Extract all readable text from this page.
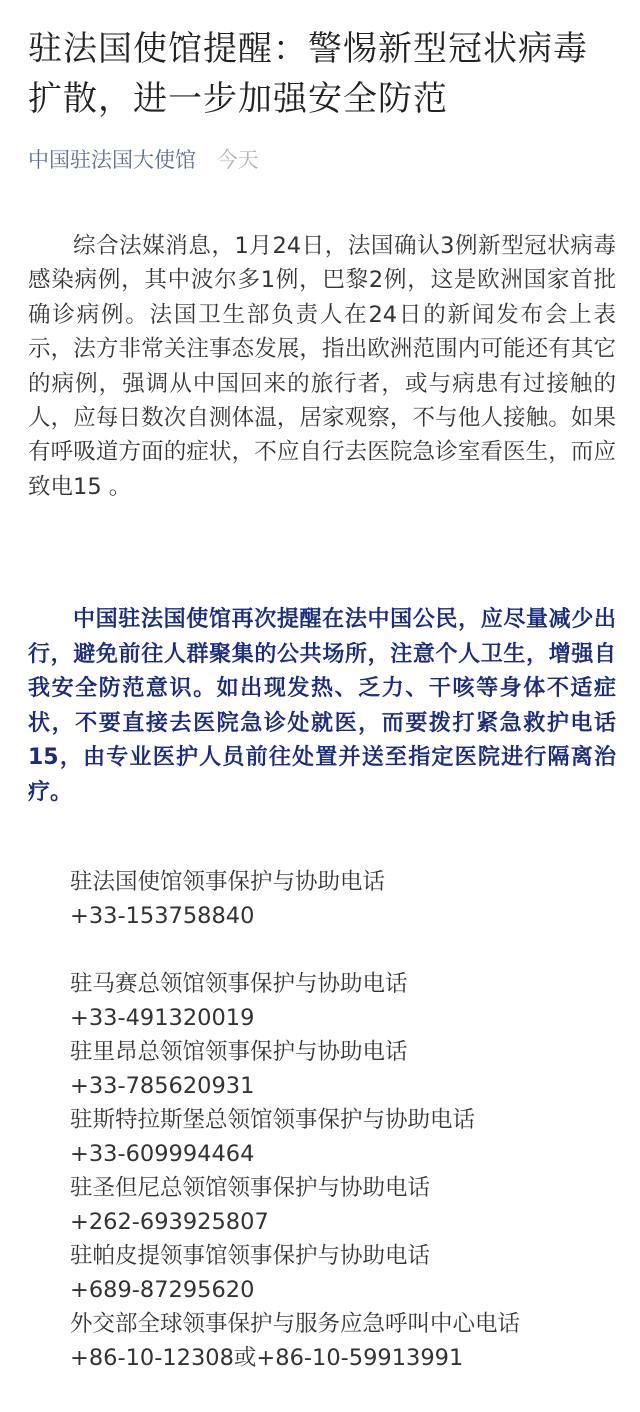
驻法国使馆提醒：警惕新型冠状病毒扩散，进一步加强安全防范
中国驻法国大使馆 今天

综合法媒消息，1月24日，法国确认3例新型冠状病毒感染病例，其中波尔多1例，巴黎2例，这是欧洲国家首批确诊病例。法国卫生部负责人在24日的新闻发布会上表示，法方非常关注事态发展，指出欧洲范围内可能还有其它的病例，强调从中国回来的旅行者，或与病患有过接触的人，应每日数次自测体温，居家观察，不与他人接触。如果有呼吸道方面的症状，不应自行去医院急诊室看医生，而应致电15 。

中国驻法国使馆再次提醒在法中国公民，应尽量减少出行，避免前往人群聚集的公共场所，注意个人卫生，增强自我安全防范意识。如出现发热、乏力、干咳等身体不适症状，不要直接去医院急诊处就医，而要拨打紧急救护电话15，由专业医护人员前往处置并送至指定医院进行隔离治疗。

驻法国使馆领事保护与协助电话
+33-153758840
驻马赛总领馆领事保护与协助电话
+33-491320019
驻里昂总领馆领事保护与协助电话
+33-785620931
驻斯特拉斯堡总领馆领事保护与协助电话
+33-609994464
驻圣但尼总领馆领事保护与协助电话
+262-693925807
驻帕皮提领事馆领事保护与协助电话
+689-87295620
外交部全球领事保护与服务应急呼叫中心电话
+86-10-12308或+86-10-59913991
